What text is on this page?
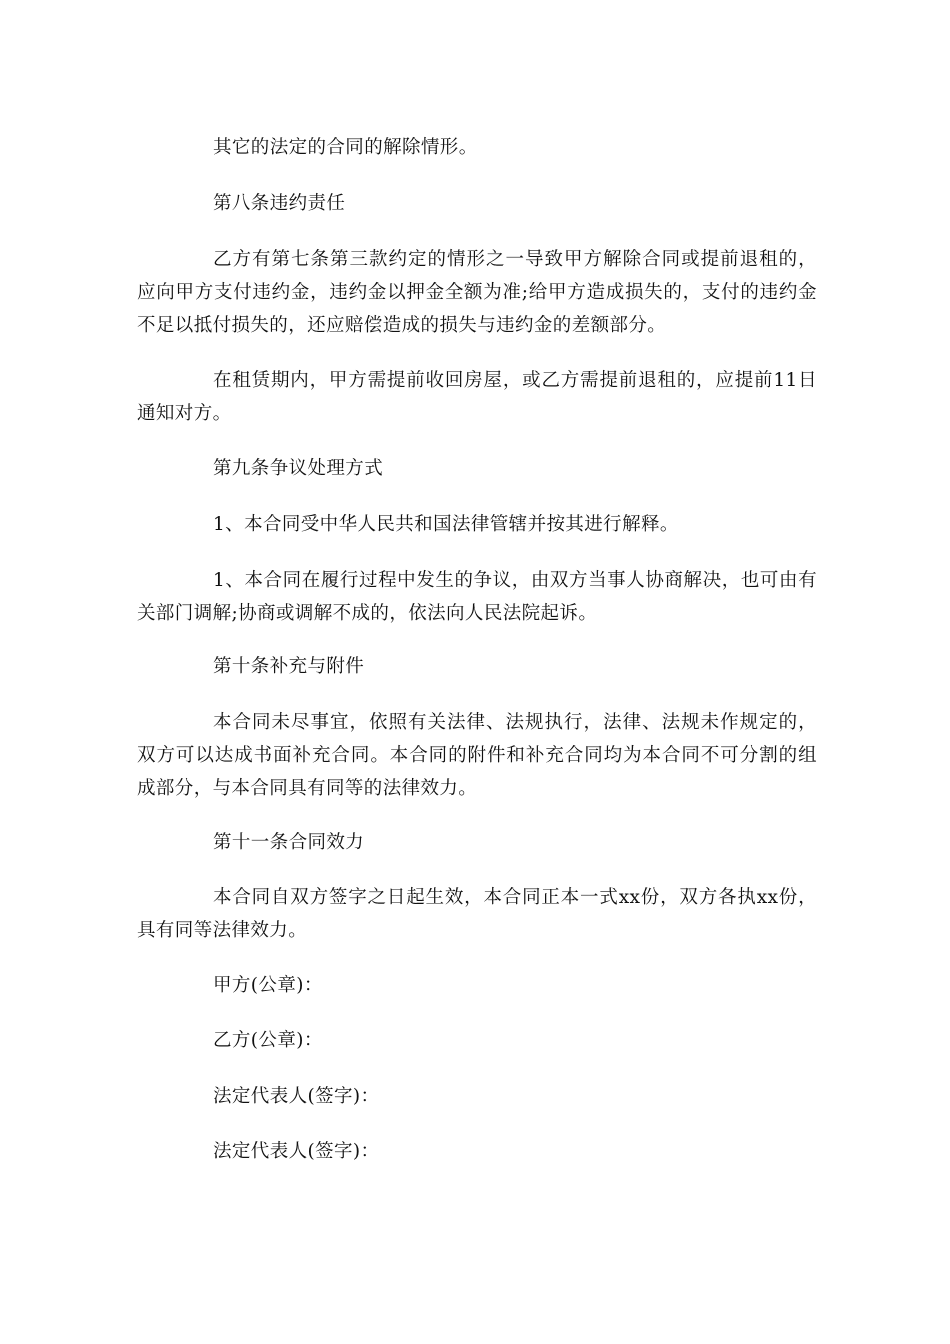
其它的法定的合同的解除情形。

第八条违约责任

乙方有第七条第三款约定的情形之一导致甲方解除合同或提前退租的，应向甲方支付违约金，违约金以押金全额为准;给甲方造成损失的，支付的违约金不足以抵付损失的，还应赔偿造成的损失与违约金的差额部分。

在租赁期内，甲方需提前收回房屋，或乙方需提前退租的，应提前11日通知对方。

第九条争议处理方式

1、本合同受中华人民共和国法律管辖并按其进行解释。

1、本合同在履行过程中发生的争议，由双方当事人协商解决，也可由有关部门调解;协商或调解不成的，依法向人民法院起诉。

第十条补充与附件

本合同未尽事宜，依照有关法律、法规执行，法律、法规未作规定的，双方可以达成书面补充合同。本合同的附件和补充合同均为本合同不可分割的组成部分，与本合同具有同等的法律效力。

第十一条合同效力

本合同自双方签字之日起生效，本合同正本一式xx份，双方各执xx份，具有同等法律效力。

甲方(公章)：

乙方(公章)：

法定代表人(签字)：

法定代表人(签字)：
